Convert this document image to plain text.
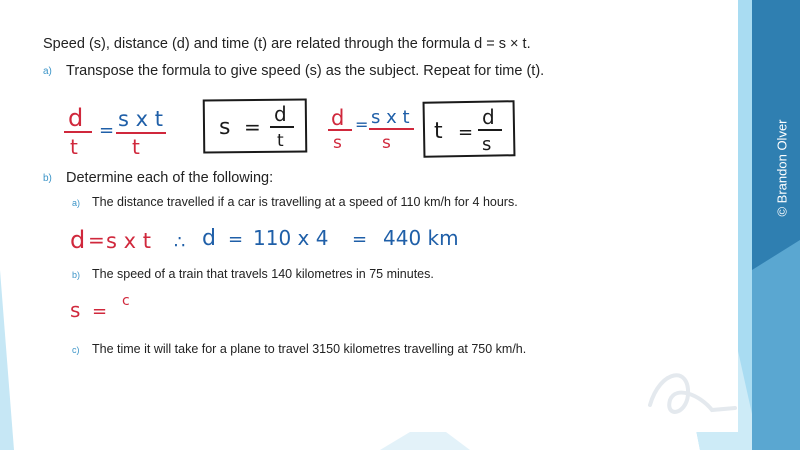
Speed (s), distance (d) and time (t) are related through the formula d = s × t.
a) Transpose the formula to give speed (s) as the subject. Repeat for time (t).
b) Determine each of the following:
a) The distance travelled if a car is travelling at a speed of 110 km/h for 4 hours.
b) The speed of a train that travels 140 kilometres in 75 minutes.
c) The time it will take for a plane to travel 3150 kilometres travelling at 750 km/h.
d
t
= s x t
t
s =
d
t
d
s
= s x t
s t =
d
s
d = s x t ∴ d = 110 x 4 = 440 km
s = c
© Brandon Olver
